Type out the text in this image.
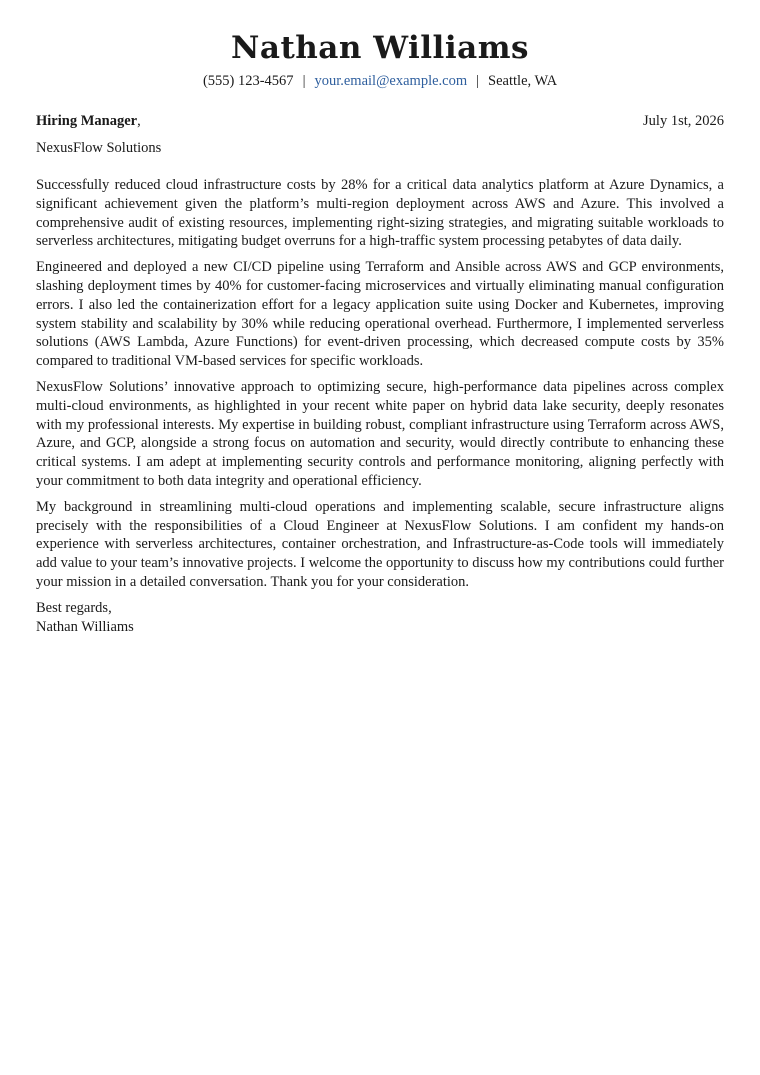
Nathan Williams
(555) 123-4567 | your.email@example.com | Seattle, WA
Hiring Manager,	July 1st, 2026
NexusFlow Solutions

Successfully reduced cloud infrastructure costs by 28% for a critical data analytics platform at Azure Dynamics, a significant achievement given the platform’s multi-region deployment across AWS and Azure. This involved a comprehensive audit of existing resources, implementing right-sizing strategies, and migrating suitable workloads to serverless architectures, mitigating budget overruns for a high-traffic system processing petabytes of data daily.

Engineered and deployed a new CI/CD pipeline using Terraform and Ansible across AWS and GCP environments, slashing deployment times by 40% for customer-facing microservices and virtually eliminating manual configuration errors. I also led the containerization effort for a legacy application suite using Docker and Kubernetes, improving system stability and scalability by 30% while reducing operational overhead. Furthermore, I implemented serverless solutions (AWS Lambda, Azure Functions) for event-driven processing, which decreased compute costs by 35% compared to traditional VM-based services for specific workloads.

NexusFlow Solutions’ innovative approach to optimizing secure, high-performance data pipelines across complex multi-cloud environments, as highlighted in your recent white paper on hybrid data lake security, deeply resonates with my professional interests. My expertise in building robust, compliant infrastructure using Terraform across AWS, Azure, and GCP, alongside a strong focus on automation and security, would directly contribute to enhancing these critical systems. I am adept at implementing security controls and performance monitoring, aligning perfectly with your commitment to both data integrity and operational efficiency.

My background in streamlining multi-cloud operations and implementing scalable, secure infrastructure aligns precisely with the responsibilities of a Cloud Engineer at NexusFlow Solutions. I am confident my hands-on experience with serverless architectures, container orchestration, and Infrastructure-as-Code tools will immediately add value to your team’s innovative projects. I welcome the opportunity to discuss how my contributions could further your mission in a detailed conversation. Thank you for your consideration.

Best regards,
Nathan Williams
